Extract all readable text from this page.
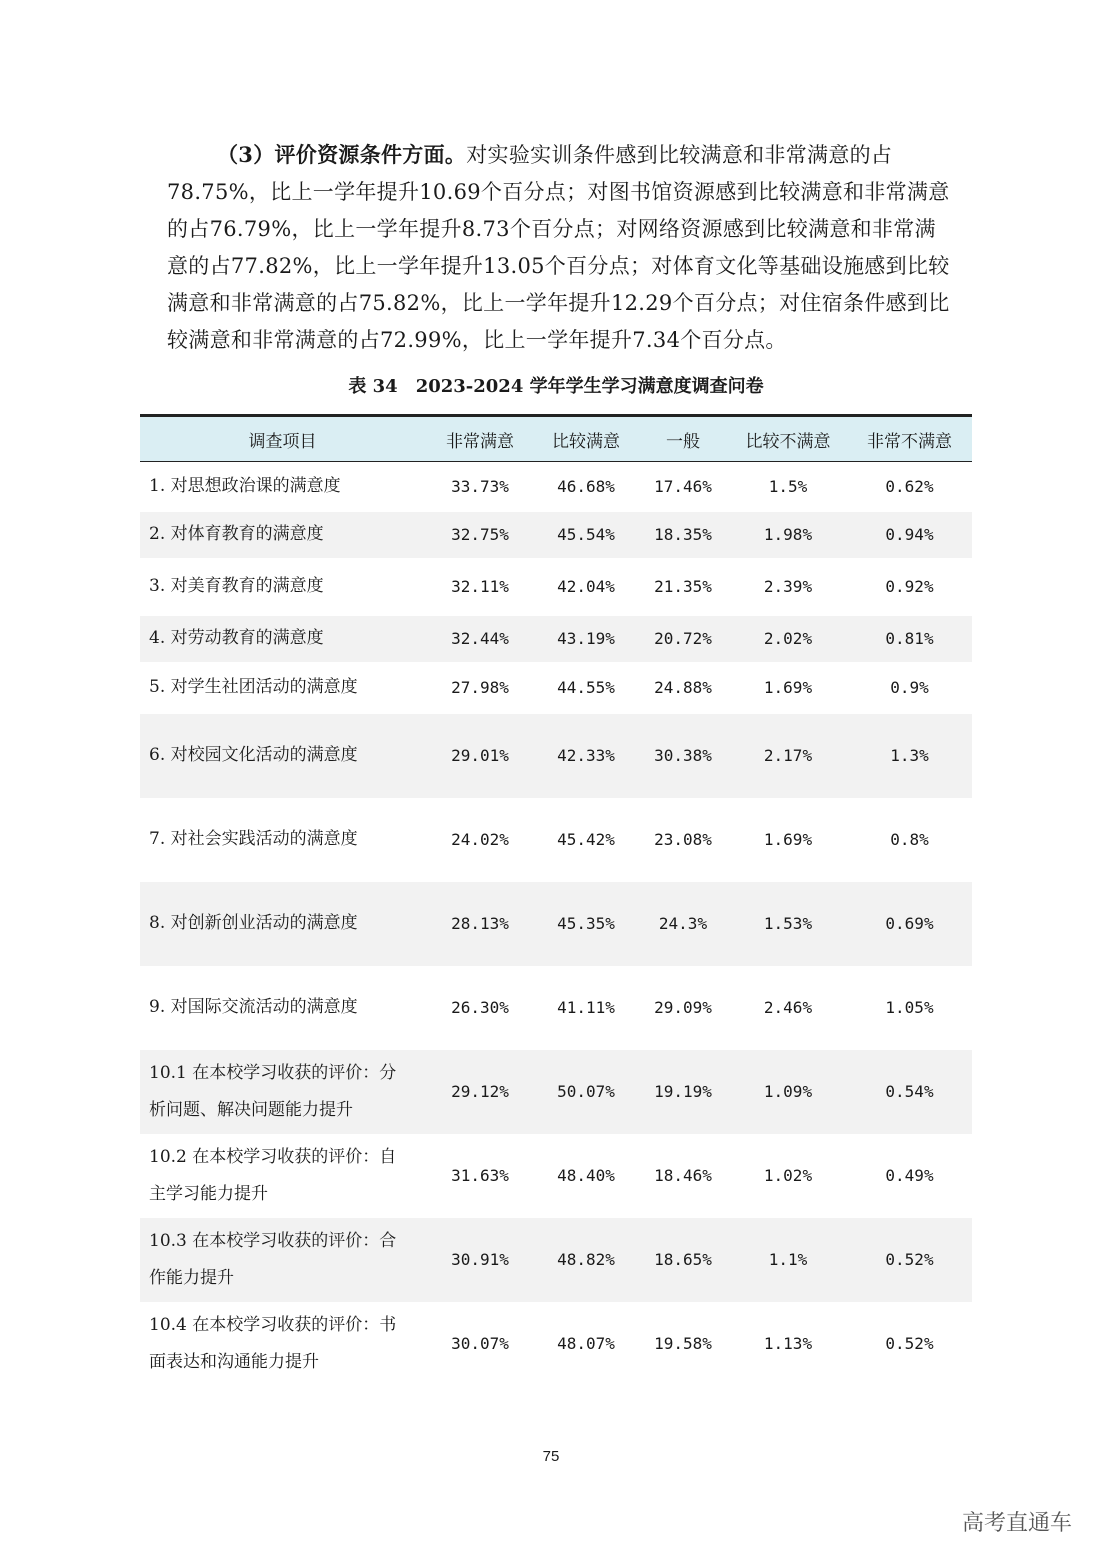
（3）评价资源条件方面。对实验实训条件感到比较满意和非常满意的占
78.75%，比上一学年提升10.69个百分点；对图书馆资源感到比较满意和非常满意
的占76.79%，比上一学年提升8.73个百分点；对网络资源感到比较满意和非常满
意的占77.82%，比上一学年提升13.05个百分点；对体育文化等基础设施感到比较
满意和非常满意的占75.82%，比上一学年提升12.29个百分点；对住宿条件感到比
较满意和非常满意的占72.99%，比上一学年提升7.34个百分点。
表 34 2023-2024 学年学生学习满意度调查问卷
调查项目	非常满意	比较满意	一般	比较不满意	非常不满意

1. 对思想政治课的满意度	33.73%	46.68%	17.46%	1.5%	0.62%

2. 对体育教育的满意度	32.75%	45.54%	18.35%	1.98%	0.94%

3. 对美育教育的满意度	32.11%	42.04%	21.35%	2.39%	0.92%

4. 对劳动教育的满意度	32.44%	43.19%	20.72%	2.02%	0.81%

5. 对学生社团活动的满意度	27.98%	44.55%	24.88%	1.69%	0.9%

6. 对校园文化活动的满意度	29.01%	42.33%	30.38%	2.17%	1.3%

7. 对社会实践活动的满意度	24.02%	45.42%	23.08%	1.69%	0.8%

8. 对创新创业活动的满意度	28.13%	45.35%	24.3%	1.53%	0.69%

9. 对国际交流活动的满意度	26.30%	41.11%	29.09%	2.46%	1.05%

10.1 在本校学习收获的评价：分
析问题、解决问题能力提升	29.12%	50.07%	19.19%	1.09%	0.54%

10.2 在本校学习收获的评价：自
主学习能力提升	31.63%	48.40%	18.46%	1.02%	0.49%

10.3 在本校学习收获的评价：合
作能力提升	30.91%	48.82%	18.65%	1.1%	0.52%

10.4 在本校学习收获的评价：书
面表达和沟通能力提升	30.07%	48.07%	19.58%	1.13%	0.52%
75
高考直通车
